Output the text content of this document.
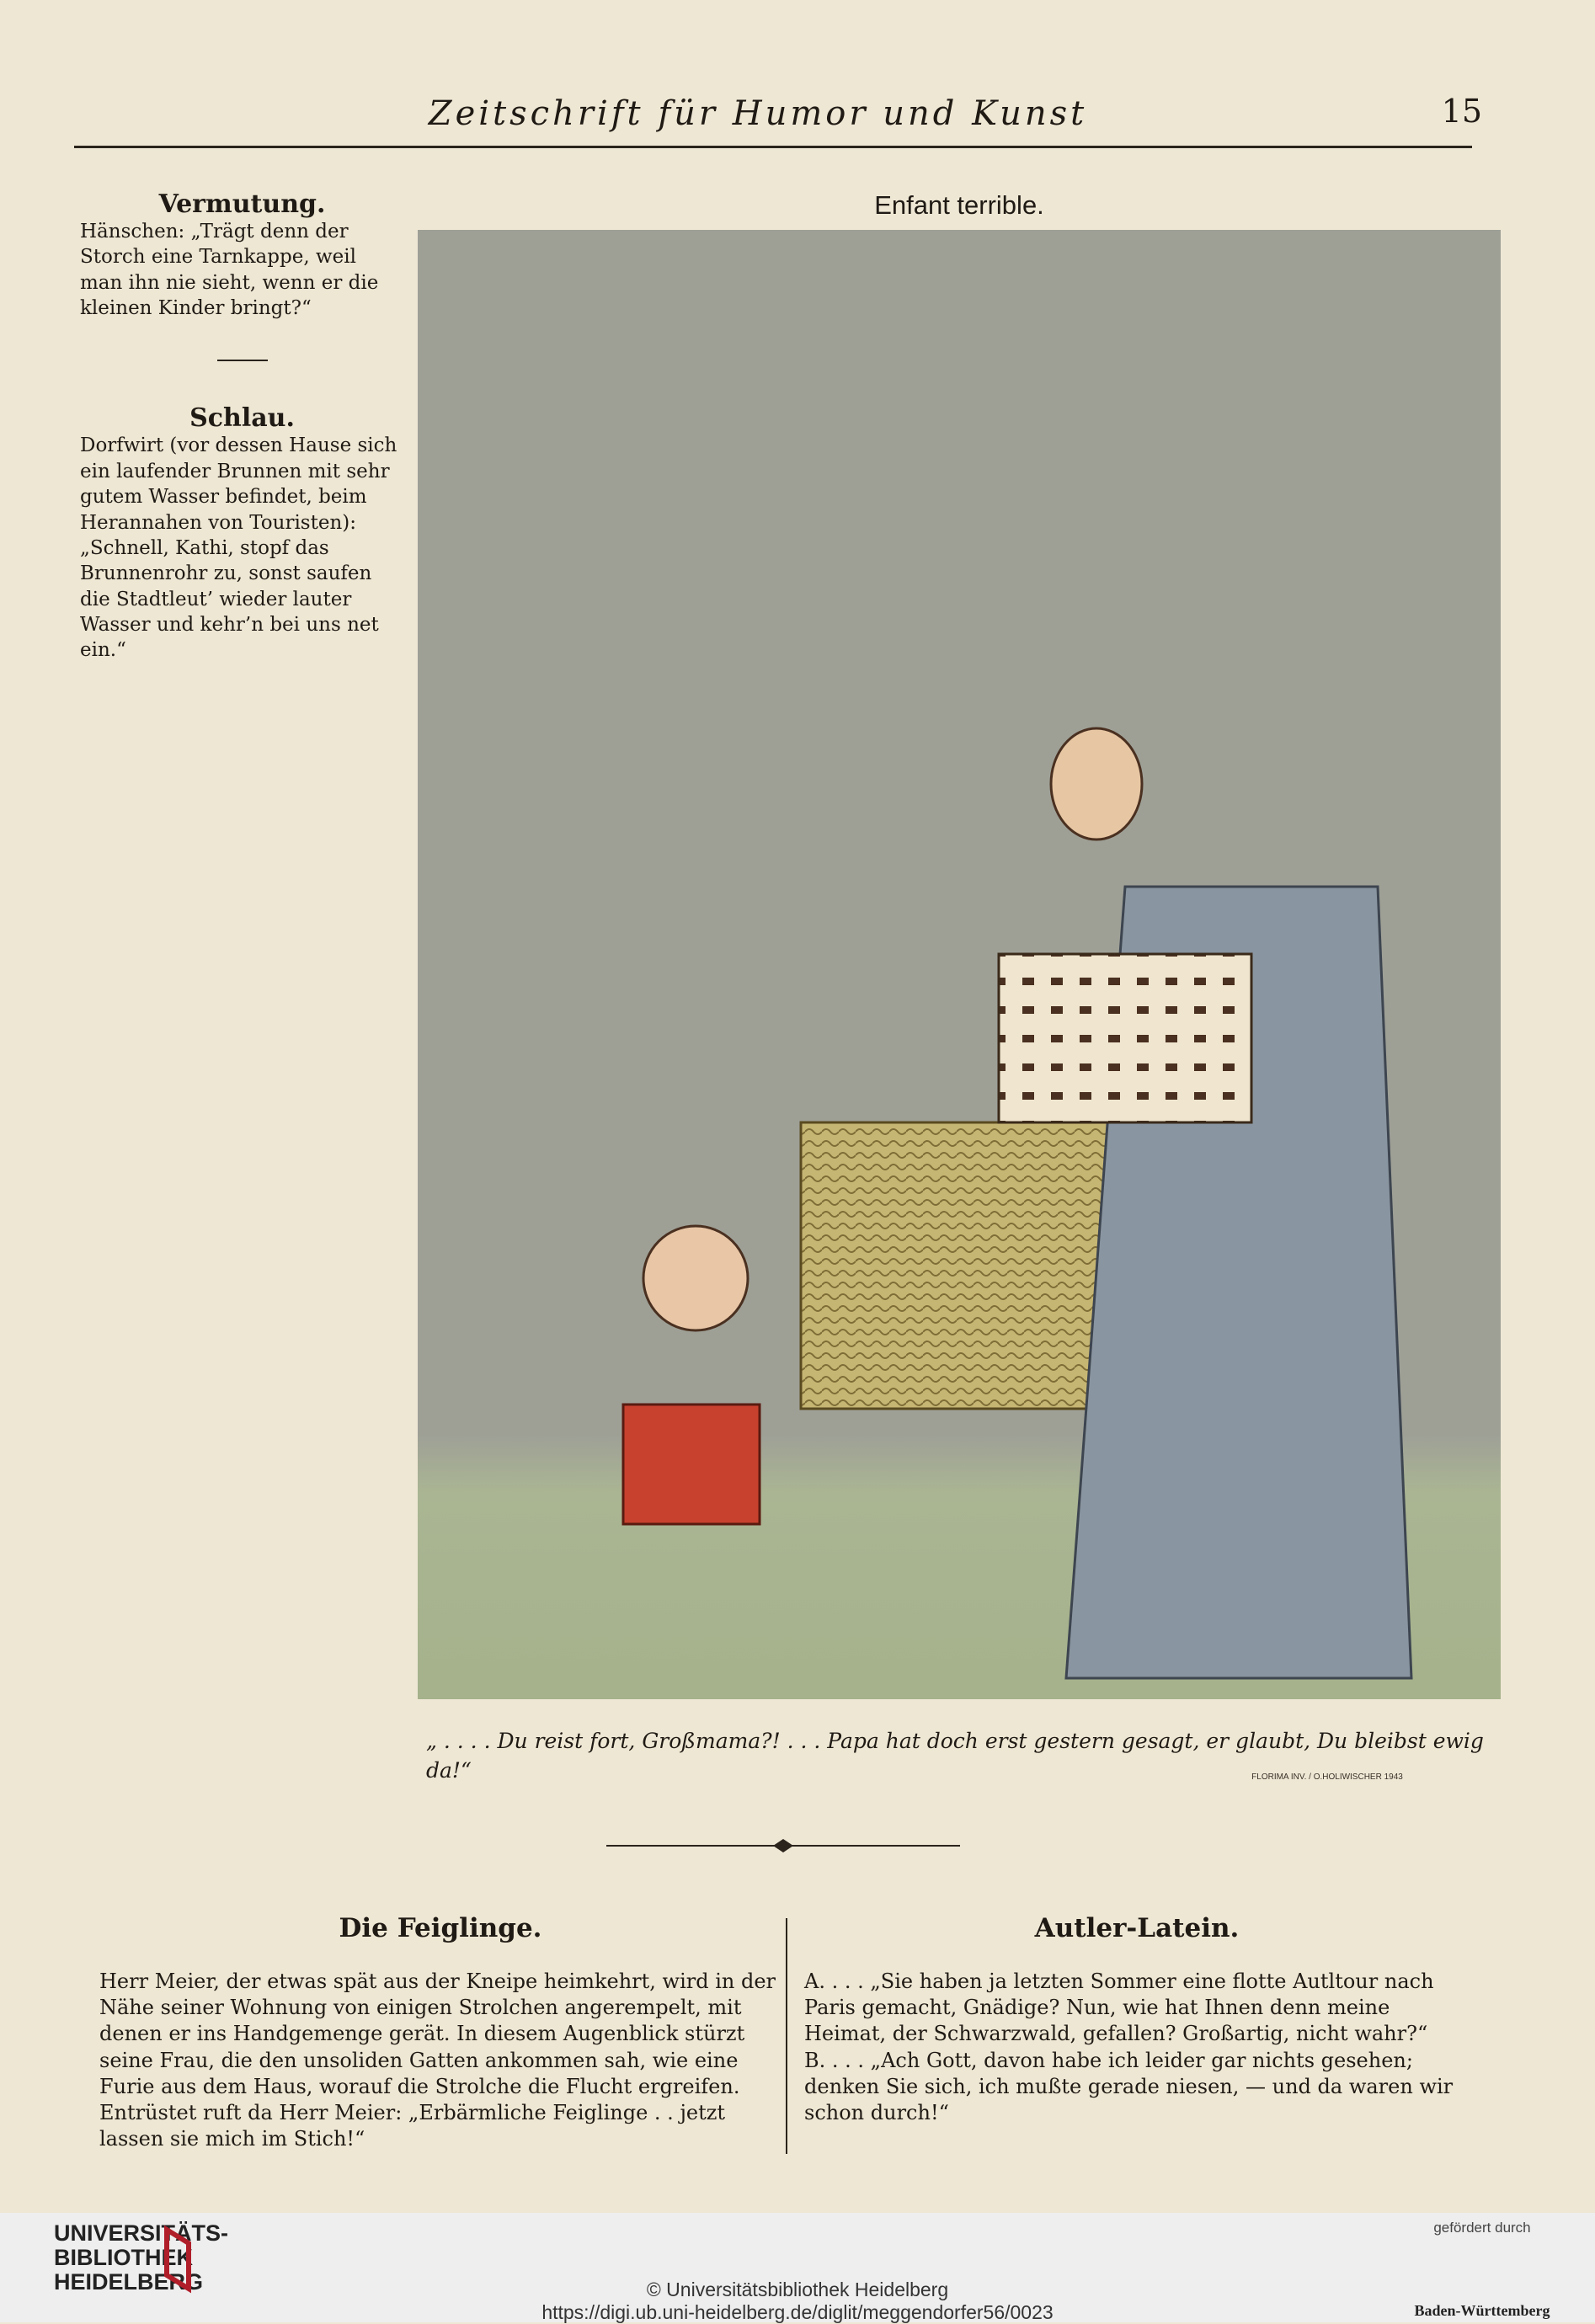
Zeitschrift für Humor und Kunst	15
Vermutung.
Hänschen: „Trägt denn der Storch eine Tarnkappe, weil man ihn nie sieht, wenn er die kleinen Kinder bringt?“
Schlau.
Dorfwirt (vor dessen Hause sich ein laufender Brunnen mit sehr gutem Wasser befindet, beim Herannahen von Touristen): „Schnell, Kathi, stopf das Brunnenrohr zu, sonst saufen die Stadtleut’ wieder lauter Wasser und kehr’n bei uns net ein.“
Enfant terrible.
FLORIMA INV. / O.HOLIWISCHER 1943
„ . . . . Du reist fort, Großmama?! . . . Papa hat doch erst gestern gesagt, er glaubt, Du bleibst ewig da!“
Die Feiglinge.
Herr Meier, der etwas spät aus der Kneipe heimkehrt, wird in der Nähe seiner Wohnung von einigen Strolchen angerempelt, mit denen er ins Handgemenge gerät. In diesem Augenblick stürzt seine Frau, die den unsoliden Gatten ankommen sah, wie eine Furie aus dem Haus, worauf die Strolche die Flucht ergreifen. Entrüstet ruft da Herr Meier: „Erbärmliche Feiglinge . . jetzt lassen sie mich im Stich!“
Autler-Latein.
A. . . . „Sie haben ja letzten Sommer eine flotte Autltour nach Paris gemacht, Gnädige? Nun, wie hat Ihnen denn meine Heimat, der Schwarzwald, gefallen? Großartig, nicht wahr?“
B. . . . „Ach Gott, davon habe ich leider gar nichts gesehen; denken Sie sich, ich mußte gerade niesen, — und da waren wir schon durch!“
UNIVERSITÄTS-
BIBLIOTHEK
HEIDELBERG	© Universitätsbibliothek Heidelberg
https://digi.ub.uni-heidelberg.de/diglit/meggendorfer56/0023
gefördert durch
Baden-Württemberg
